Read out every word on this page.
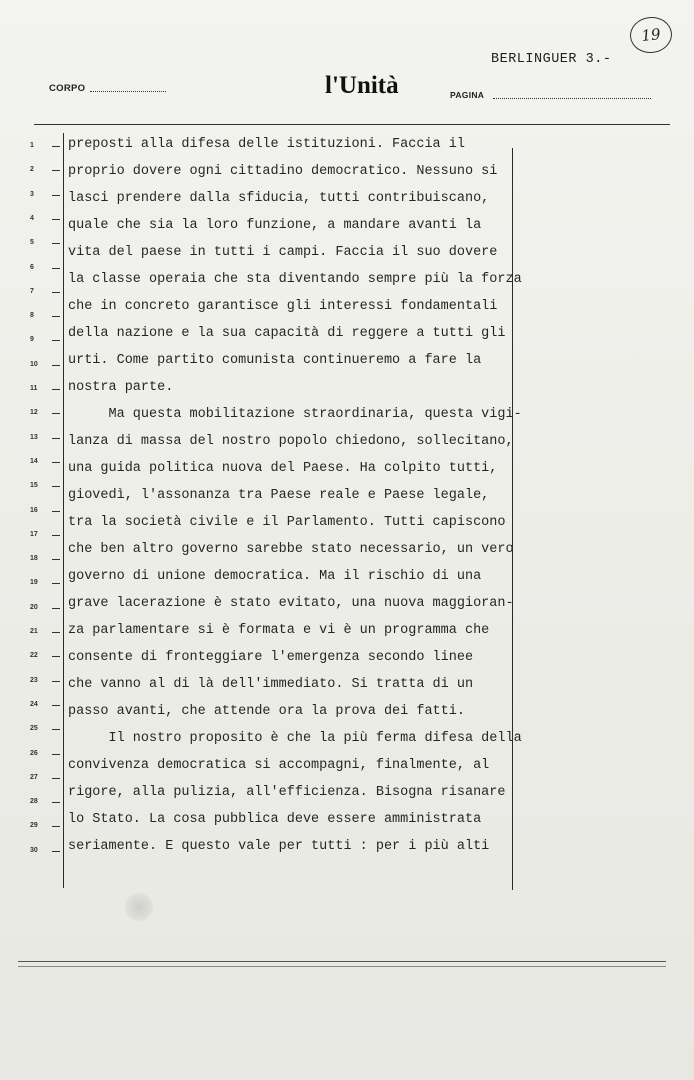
19
BERLINGUER 3.-
CORPO	l'Unità	PAGINA
1
2
3
4
5
6
7
8
9
10
11
12
13
14
15
16
17
18
19
20
21
22
23
24
25
26
27
28
29
30
preposti alla difesa delle istituzioni. Faccia il
proprio dovere ogni cittadino democratico. Nessuno si
lasci prendere dalla sfiducia, tutti contribuiscano,
quale che sia la loro funzione, a mandare avanti la
vita del paese in tutti i campi. Faccia il suo dovere
la classe operaia che sta diventando sempre più la forza
che in concreto garantisce gli interessi fondamentali
della nazione e la sua capacità di reggere a tutti gli
urti. Come partito comunista continueremo a fare la
nostra parte.
Ma questa mobilitazione straordinaria, questa vigi-
lanza di massa del nostro popolo chiedono, sollecitano,
una guida politica nuova del Paese. Ha colpito tutti,
giovedì, l'assonanza tra Paese reale e Paese legale,
tra la società civile e il Parlamento. Tutti capiscono
che ben altro governo sarebbe stato necessario, un vero
governo di unione democratica. Ma il rischio di una
grave lacerazione è stato evitato, una nuova maggioran-
za parlamentare si è formata e vi è un programma che
consente di fronteggiare l'emergenza secondo linee
che vanno al di là dell'immediato. Si tratta di un
passo avanti, che attende ora la prova dei fatti.
Il nostro proposito è che la più ferma difesa della
convivenza democratica si accompagni, finalmente, al
rigore, alla pulizia, all'efficienza. Bisogna risanare
lo Stato. La cosa pubblica deve essere amministrata
seriamente. E questo vale per tutti : per i più alti
